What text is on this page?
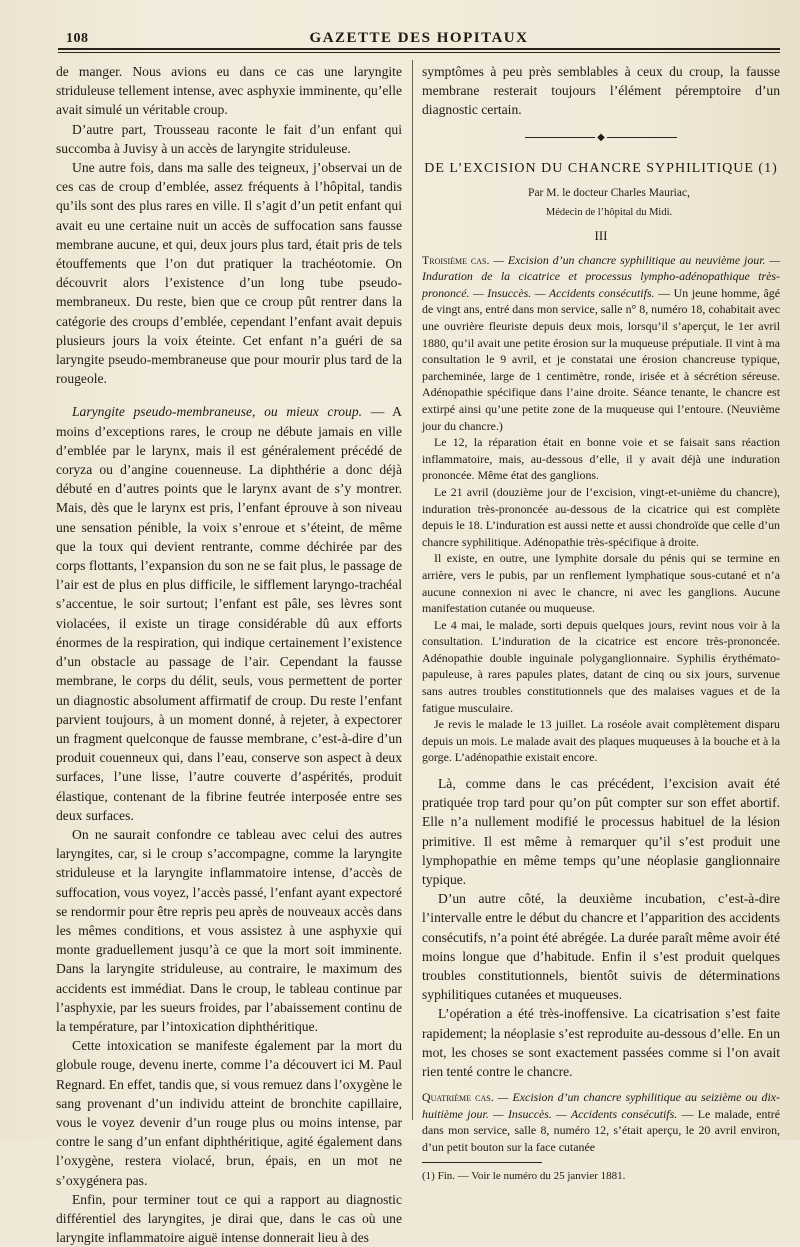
108	GAZETTE DES HOPITAUX

de manger. Nous avions eu dans ce cas une laryngite striduleuse tellement intense, avec asphyxie imminente, qu’elle avait simulé un véritable croup.

D’autre part, Trousseau raconte le fait d’un enfant qui succomba à Juvisy à un accès de laryngite striduleuse.

Une autre fois, dans ma salle des teigneux, j’observai un de ces cas de croup d’emblée, assez fréquents à l’hôpital, tandis qu’ils sont des plus rares en ville. Il s’agit d’un petit enfant qui avait eu une certaine nuit un accès de suffocation sans fausse membrane aucune, et qui, deux jours plus tard, était pris de tels étouffements que l’on dut pratiquer la trachéotomie. On découvrit alors l’existence d’un long tube pseudo-membraneux. Du reste, bien que ce croup pût rentrer dans la catégorie des croups d’emblée, cependant l’enfant avait depuis plusieurs jours la voix éteinte. Cet enfant n’a guéri de sa laryngite pseudo-membraneuse que pour mourir plus tard de la rougeole.

Laryngite pseudo-membraneuse, ou mieux croup. — A moins d’exceptions rares, le croup ne débute jamais en ville d’emblée par le larynx, mais il est généralement précédé de coryza ou d’angine couenneuse. La diphthérie a donc déjà débuté en d’autres points que le larynx avant de s’y montrer. Mais, dès que le larynx est pris, l’enfant éprouve à son niveau une sensation pénible, la voix s’enroue et s’éteint, de même que la toux qui devient rentrante, comme déchirée par des corps flottants, l’expansion du son ne se fait plus, le passage de l’air est de plus en plus difficile, le sifflement laryngo-trachéal s’accentue, le soir surtout; l’enfant est pâle, ses lèvres sont violacées, il existe un tirage considérable dû aux efforts énormes de la respiration, qui indique certainement l’existence d’un obstacle au passage de l’air. Cependant la fausse membrane, le corps du délit, seuls, vous permettent de porter un diagnostic absolument affirmatif de croup. Du reste l’enfant parvient toujours, à un moment donné, à rejeter, à expectorer un fragment quelconque de fausse membrane, c’est-à-dire d’un produit couenneux qui, dans l’eau, conserve son aspect à deux surfaces, l’une lisse, l’autre couverte d’aspérités, produit élastique, contenant de la fibrine feutrée interposée entre ses deux surfaces.

On ne saurait confondre ce tableau avec celui des autres laryngites, car, si le croup s’accompagne, comme la laryngite striduleuse et la laryngite inflammatoire intense, d’accès de suffocation, vous voyez, l’accès passé, l’enfant ayant expectoré se rendormir pour être repris peu après de nouveaux accès dans les mêmes conditions, et vous assistez à une asphyxie qui monte graduellement jusqu’à ce que la mort soit imminente. Dans la laryngite striduleuse, au contraire, le maximum des accidents est immédiat. Dans le croup, le tableau continue par l’asphyxie, par les sueurs froides, par l’abaissement continu de la température, par l’intoxication diphthéritique.

Cette intoxication se manifeste également par la mort du globule rouge, devenu inerte, comme l’a découvert ici M. Paul Regnard. En effet, tandis que, si vous remuez dans l’oxygène le sang provenant d’un individu atteint de bronchite capillaire, vous le voyez devenir d’un rouge plus ou moins intense, par contre le sang d’un enfant diphthéritique, agité également dans l’oxygène, restera violacé, brun, épais, en un mot ne s’oxygénera pas.

Enfin, pour terminer tout ce qui a rapport au diagnostic différentiel des laryngites, je dirai que, dans le cas où une laryngite inflammatoire aiguë intense donnerait lieu à des

symptômes à peu près semblables à ceux du croup, la fausse membrane resterait toujours l’élément péremptoire d’un diagnostic certain.

◆
DE L’EXCISION DU CHANCRE SYPHILITIQUE (1)

Par M. le docteur Charles Mauriac,

Médecin de l’hôpital du Midi.

III

Troisième cas. — Excision d’un chancre syphilitique au neuvième jour. — Induration de la cicatrice et processus lympho-adénopathique très-prononcé. — Insuccès. — Accidents consécutifs. — Un jeune homme, âgé de vingt ans, entré dans mon service, salle n° 8, numéro 18, cohabitait avec une ouvrière fleuriste depuis deux mois, lorsqu’il s’aperçut, le 1er avril 1880, qu’il avait une petite érosion sur la muqueuse préputiale. Il vint à ma consultation le 9 avril, et je constatai une érosion chancreuse typique, parcheminée, large de 1 centimètre, ronde, irisée et à sécrétion séreuse. Adénopathie spécifique dans l’aine droite. Séance tenante, le chancre est extirpé ainsi qu’une petite zone de la muqueuse qui l’entoure. (Neuvième jour du chancre.)

Le 12, la réparation était en bonne voie et se faisait sans réaction inflammatoire, mais, au-dessous d’elle, il y avait déjà une induration prononcée. Même état des ganglions.

Le 21 avril (douzième jour de l’excision, vingt-et-unième du chancre), induration très-prononcée au-dessous de la cicatrice qui est complète depuis le 18. L’induration est aussi nette et aussi chondroïde que celle d’un chancre syphilitique. Adénopathie très-spécifique à droite.

Il existe, en outre, une lymphite dorsale du pénis qui se termine en arrière, vers le pubis, par un renflement lymphatique sous-cutané et n’a aucune connexion ni avec le chancre, ni avec les ganglions. Aucune manifestation cutanée ou muqueuse.

Le 4 mai, le malade, sorti depuis quelques jours, revint nous voir à la consultation. L’induration de la cicatrice est encore très-prononcée. Adénopathie double inguinale polyganglionnaire. Syphilis érythémato-papuleuse, à rares papules plates, datant de cinq ou six jours, survenue sans autres troubles constitutionnels que des malaises vagues et de la fatigue musculaire.

Je revis le malade le 13 juillet. La roséole avait complètement disparu depuis un mois. Le malade avait des plaques muqueuses à la bouche et à la gorge. L’adénopathie existait encore.

Là, comme dans le cas précédent, l’excision avait été pratiquée trop tard pour qu’on pût compter sur son effet abortif. Elle n’a nullement modifié le processus habituel de la lésion primitive. Il est même à remarquer qu’il s’est produit une lymphopathie en même temps qu’une néoplasie ganglionnaire typique.

D’un autre côté, la deuxième incubation, c’est-à-dire l’intervalle entre le début du chancre et l’apparition des accidents consécutifs, n’a point été abrégée. La durée paraît même avoir été moins longue que d’habitude. Enfin il s’est produit quelques troubles constitutionnels, bientôt suivis de déterminations syphilitiques cutanées et muqueuses.

L’opération a été très-inoffensive. La cicatrisation s’est faite rapidement; la néoplasie s’est reproduite au-dessous d’elle. En un mot, les choses se sont exactement passées comme si l’on avait rien tenté contre le chancre.

Quatrième cas. — Excision d’un chancre syphilitique au seizième ou dix-huitième jour. — Insuccès. — Accidents consécutifs. — Le malade, entré dans mon service, salle 8, numéro 12, s’était aperçu, le 20 avril environ, d’un petit bouton sur la face cutanée

(1) Fin. — Voir le numéro du 25 janvier 1881.
